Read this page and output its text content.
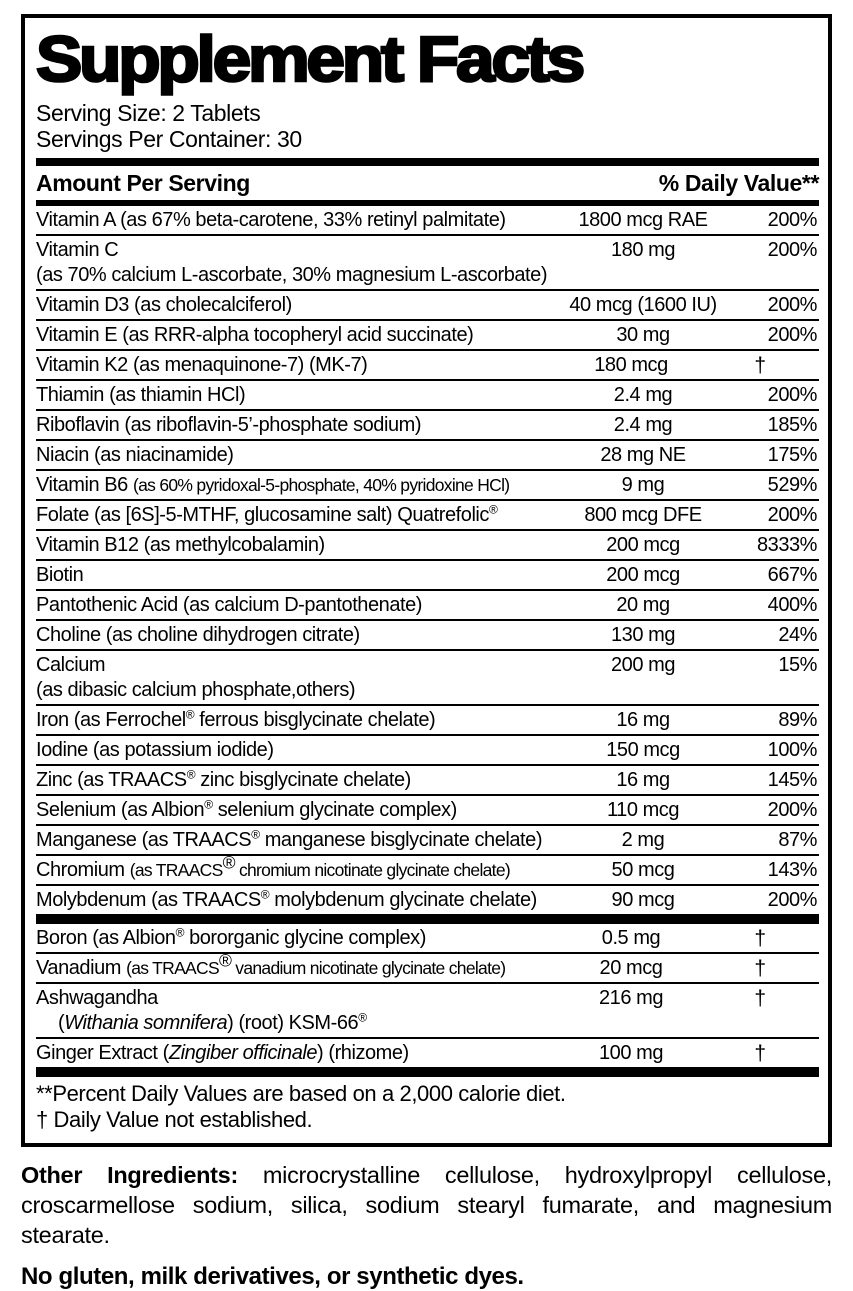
Supplement Facts
Serving Size: 2 Tablets
Servings Per Container: 30
Amount Per Serving	% Daily Value**
Vitamin A (as 67% beta-carotene, 33% retinyl palmitate)	1800 mcg RAE	200%
Vitamin C
(as 70% calcium L-ascorbate, 30% magnesium L-ascorbate)
180 mg	200%
Vitamin D3 (as cholecalciferol)	40 mcg (1600 IU)	200%
Vitamin E (as RRR-alpha tocopheryl acid succinate)	30 mg	200%
Vitamin K2 (as menaquinone-7) (MK-7)	180 mcg	†
Thiamin (as thiamin HCl)	2.4 mg	200%
Riboflavin (as riboflavin-5’-phosphate sodium)	2.4 mg	185%
Niacin (as niacinamide)	28 mg NE	175%
Vitamin B6 (as 60% pyridoxal-5-phosphate, 40% pyridoxine HCl)	9 mg	529%
Folate (as [6S]-5-MTHF, glucosamine salt) Quatrefolic®	800 mcg DFE	200%
Vitamin B12 (as methylcobalamin)	200 mcg	8333%
Biotin	200 mcg	667%
Pantothenic Acid (as calcium D-pantothenate)	20 mg	400%
Choline (as choline dihydrogen citrate)	130 mg	24%
Calcium
(as dibasic calcium phosphate,others)
200 mg	15%
Iron (as Ferrochel® ferrous bisglycinate chelate)	16 mg	89%
Iodine (as potassium iodide)	150 mcg	100%
Zinc (as TRAACS® zinc bisglycinate chelate)	16 mg	145%
Selenium (as Albion® selenium glycinate complex)	110 mcg	200%
Manganese (as TRAACS® manganese bisglycinate chelate)	2 mg	87%
Chromium (as TRAACS® chromium nicotinate glycinate chelate)	50 mcg	143%
Molybdenum (as TRAACS® molybdenum glycinate chelate)	90 mcg	200%
Boron (as Albion® bororganic glycine complex)	0.5 mg	†
Vanadium (as TRAACS® vanadium nicotinate glycinate chelate)	20 mcg	†
Ashwagandha
(Withania somnifera) (root) KSM-66®
216 mg	†
Ginger Extract (Zingiber officinale) (rhizome)	100 mg	†
**Percent Daily Values are based on a 2,000 calorie diet.
† Daily Value not established.
Other Ingredients: microcrystalline cellulose, hydroxylpropyl cellulose, croscarmellose sodium, silica, sodium stearyl fumarate, and magnesium stearate.
No gluten, milk derivatives, or synthetic dyes.
